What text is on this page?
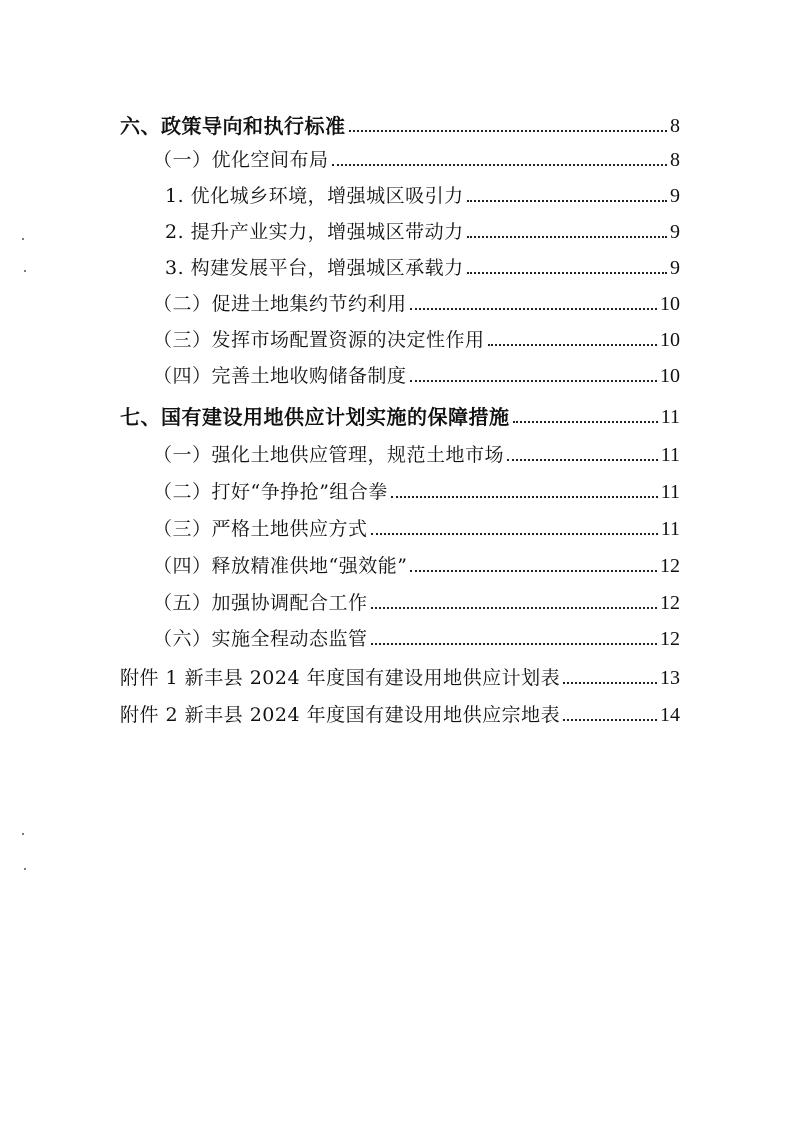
六、政策导向和执行标准	8
（一）优化空间布局	8
1. 优化城乡环境，增强城区吸引力	9
2. 提升产业实力，增强城区带动力	9
3. 构建发展平台，增强城区承载力	9
（二）促进土地集约节约利用	10
（三）发挥市场配置资源的决定性作用	10
（四）完善土地收购储备制度	10
七、国有建设用地供应计划实施的保障措施	11
（一）强化土地供应管理，规范土地市场	11
（二）打好“争挣抢”组合拳	11
（三）严格土地供应方式	11
（四）释放精准供地“强效能”	12
（五）加强协调配合工作	12
（六）实施全程动态监管	12
附件 1 新丰县 2024 年度国有建设用地供应计划表	13
附件 2 新丰县 2024 年度国有建设用地供应宗地表	14
